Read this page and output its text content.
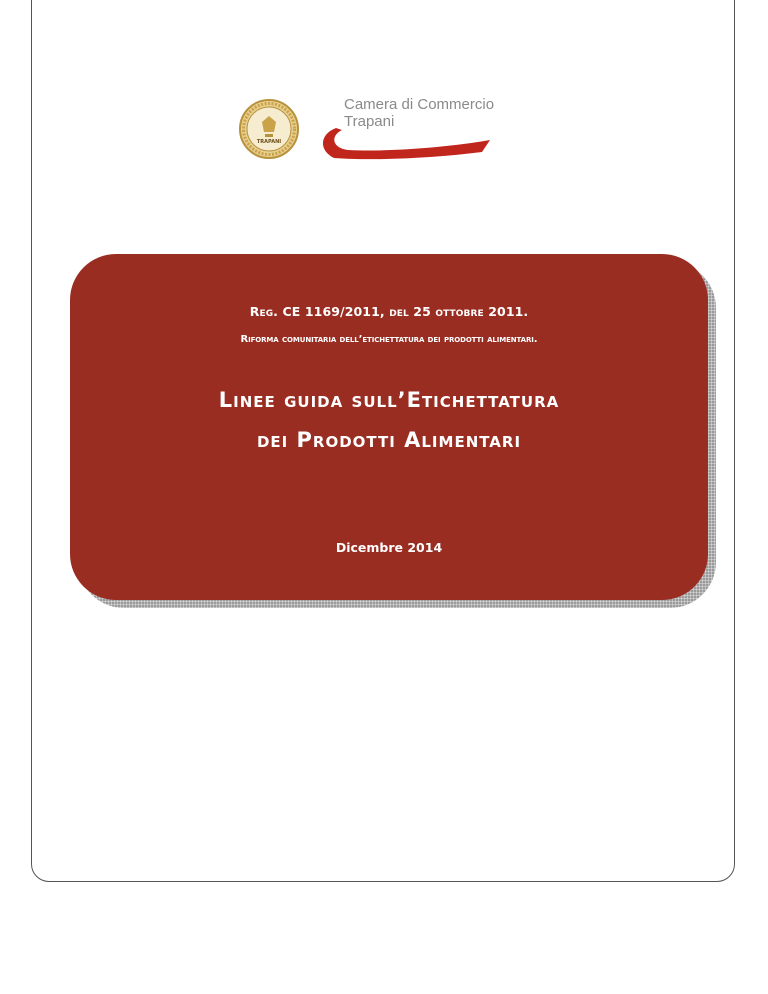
TRAPANI
Camera di Commercio
Trapani
Reg. CE 1169/2011, del 25 ottobre 2011.
Riforma comunitaria dell’etichettatura dei prodotti alimentari.
Linee guida sull’Etichettatura
dei Prodotti Alimentari
Dicembre 2014
